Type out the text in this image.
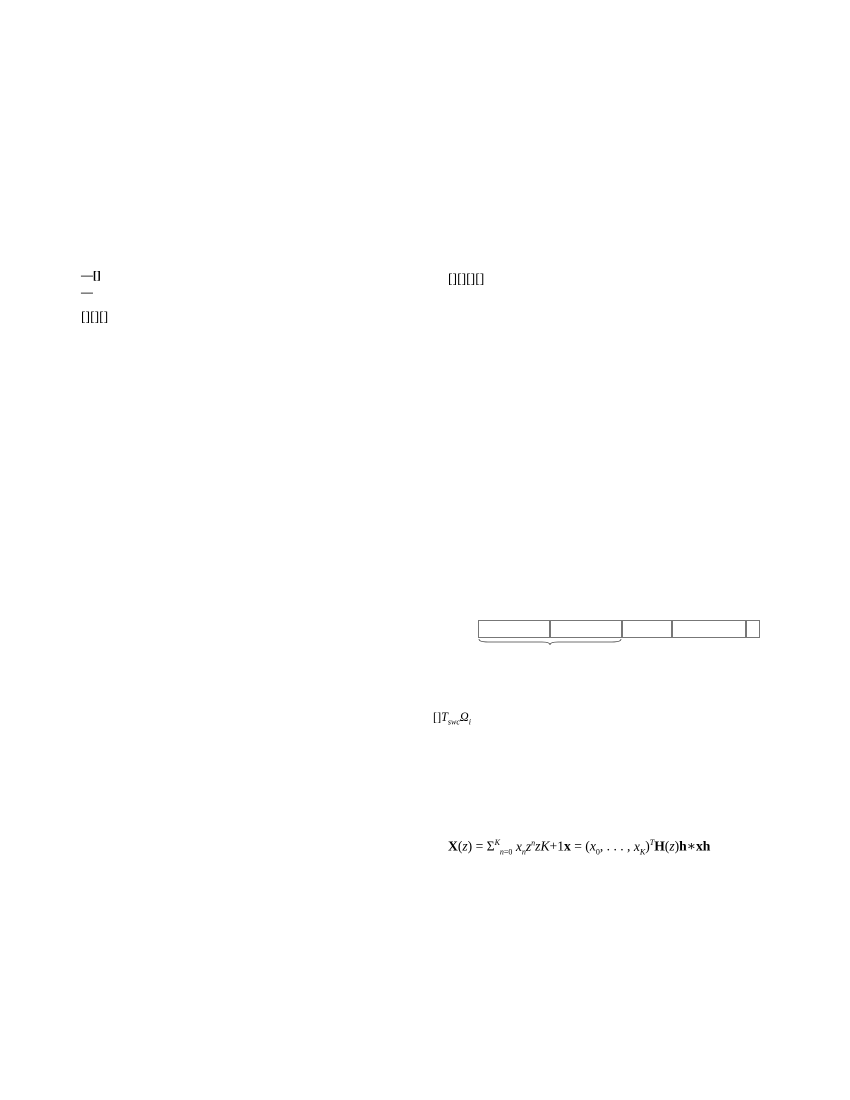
—[]

—

[][][]

[][][][]

$[]T_{swc}\Omega_i$

$X(z) = \Sigma^K_{n=0}$ $x_nz^nzK+1x = (x_0$, . . . , $x_K)^TH(z)h∗xh$
